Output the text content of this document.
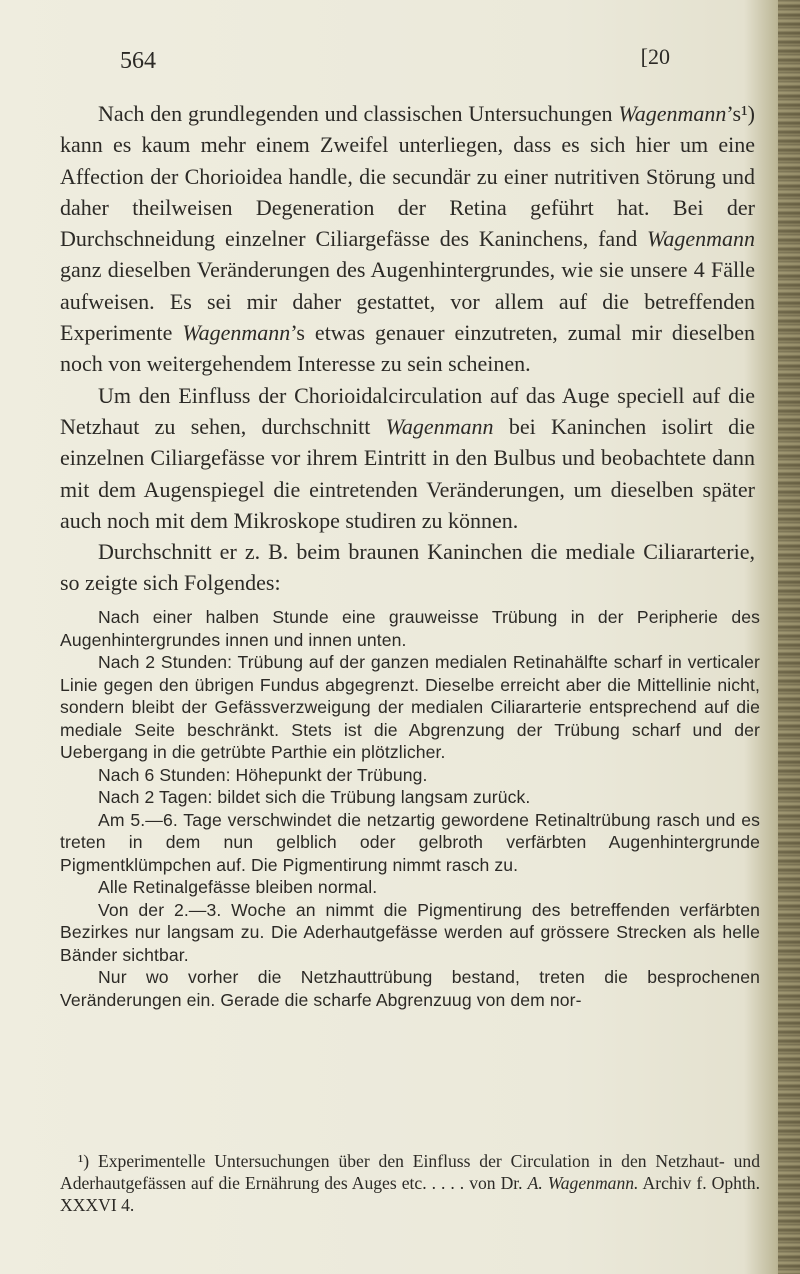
564	[20

Nach den grundlegenden und classischen Untersuchungen Wagenmann’s¹) kann es kaum mehr einem Zweifel unterliegen, dass es sich hier um eine Affection der Chorioidea handle, die secundär zu einer nutritiven Störung und daher theilweisen Degeneration der Retina geführt hat. Bei der Durchschneidung einzelner Ciliargefässe des Kaninchens, fand Wagenmann ganz dieselben Veränderungen des Augenhintergrundes, wie sie unsere 4 Fälle aufweisen. Es sei mir daher gestattet, vor allem auf die betreffenden Experimente Wagenmann’s etwas genauer einzutreten, zumal mir dieselben noch von weitergehendem Interesse zu sein scheinen.

Um den Einfluss der Chorioidalcirculation auf das Auge speciell auf die Netzhaut zu sehen, durchschnitt Wagenmann bei Kaninchen isolirt die einzelnen Ciliargefässe vor ihrem Eintritt in den Bulbus und beobachtete dann mit dem Augenspiegel die eintretenden Veränderungen, um dieselben später auch noch mit dem Mikroskope studiren zu können.

Durchschnitt er z. B. beim braunen Kaninchen die mediale Ciliararterie, so zeigte sich Folgendes:

Nach einer halben Stunde eine grauweisse Trübung in der Peripherie des Augenhintergrundes innen und innen unten.

Nach 2 Stunden: Trübung auf der ganzen medialen Retinahälfte scharf in verticaler Linie gegen den übrigen Fundus abgegrenzt. Dieselbe erreicht aber die Mittellinie nicht, sondern bleibt der Gefässverzweigung der medialen Ciliararterie entsprechend auf die mediale Seite beschränkt. Stets ist die Abgrenzung der Trübung scharf und der Uebergang in die getrübte Parthie ein plötzlicher.

Nach 6 Stunden: Höhepunkt der Trübung.

Nach 2 Tagen: bildet sich die Trübung langsam zurück.

Am 5.—6. Tage verschwindet die netzartig gewordene Retinaltrübung rasch und es treten in dem nun gelblich oder gelbroth verfärbten Augenhintergrunde Pigmentklümpchen auf. Die Pigmentirung nimmt rasch zu.

Alle Retinalgefässe bleiben normal.

Von der 2.—3. Woche an nimmt die Pigmentirung des betreffenden verfärbten Bezirkes nur langsam zu. Die Aderhautgefässe werden auf grössere Strecken als helle Bänder sichtbar.

Nur wo vorher die Netzhauttrübung bestand, treten die besprochenen Veränderungen ein. Gerade die scharfe Abgrenzuug von dem nor-

¹) Experimentelle Untersuchungen über den Einfluss der Circulation in den Netzhaut- und Aderhautgefässen auf die Ernährung des Auges etc. . . . . von Dr. A. Wagenmann. Archiv f. Ophth. XXXVI 4.
